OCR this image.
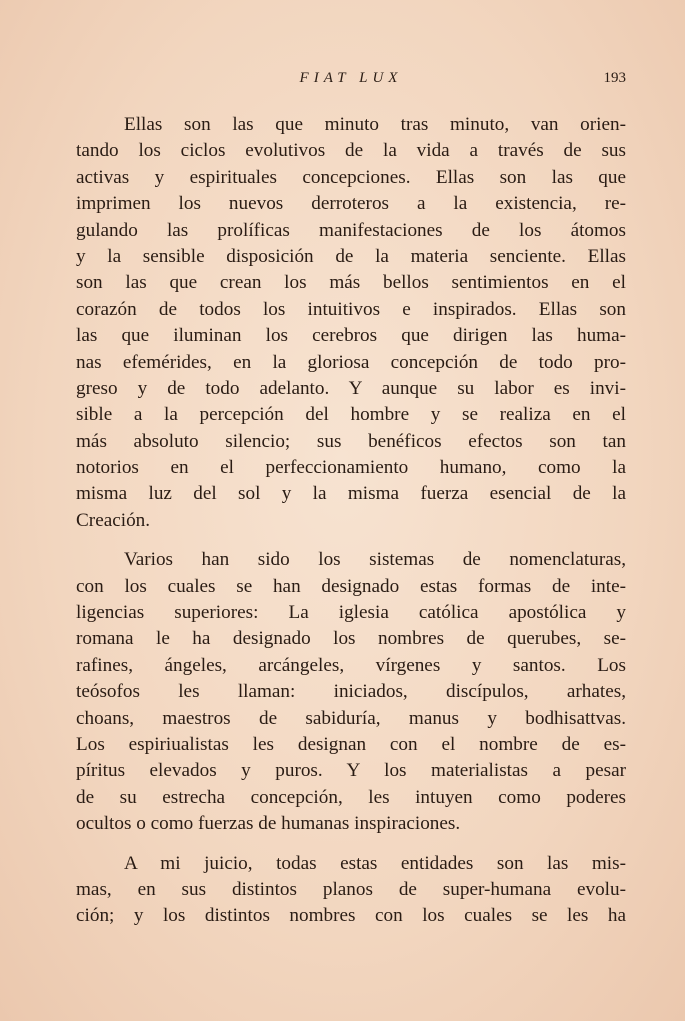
FIAT LUX	193
Ellas son las que minuto tras minuto, van orien-
tando los ciclos evolutivos de la vida a través de sus
activas y espirituales concepciones. Ellas son las que
imprimen los nuevos derroteros a la existencia, re-
gulando las prolíficas manifestaciones de los átomos
y la sensible disposición de la materia senciente. Ellas
son las que crean los más bellos sentimientos en el
corazón de todos los intuitivos e inspirados. Ellas son
las que iluminan los cerebros que dirigen las huma-
nas efemérides, en la gloriosa concepción de todo pro-
greso y de todo adelanto. Y aunque su labor es invi-
sible a la percepción del hombre y se realiza en el
más absoluto silencio; sus benéficos efectos son tan
notorios en el perfeccionamiento humano, como la
misma luz del sol y la misma fuerza esencial de la
Creación.
Varios han sido los sistemas de nomenclaturas,
con los cuales se han designado estas formas de inte-
ligencias superiores: La iglesia católica apostólica y
romana le ha designado los nombres de querubes, se-
rafines, ángeles, arcángeles, vírgenes y santos. Los
teósofos les llaman: iniciados, discípulos, arhates,
choans, maestros de sabiduría, manus y bodhisattvas.
Los espiriualistas les designan con el nombre de es-
píritus elevados y puros. Y los materialistas a pesar
de su estrecha concepción, les intuyen como poderes
ocultos o como fuerzas de humanas inspiraciones.
A mi juicio, todas estas entidades son las mis-
mas, en sus distintos planos de super-humana evolu-
ción; y los distintos nombres con los cuales se les ha
